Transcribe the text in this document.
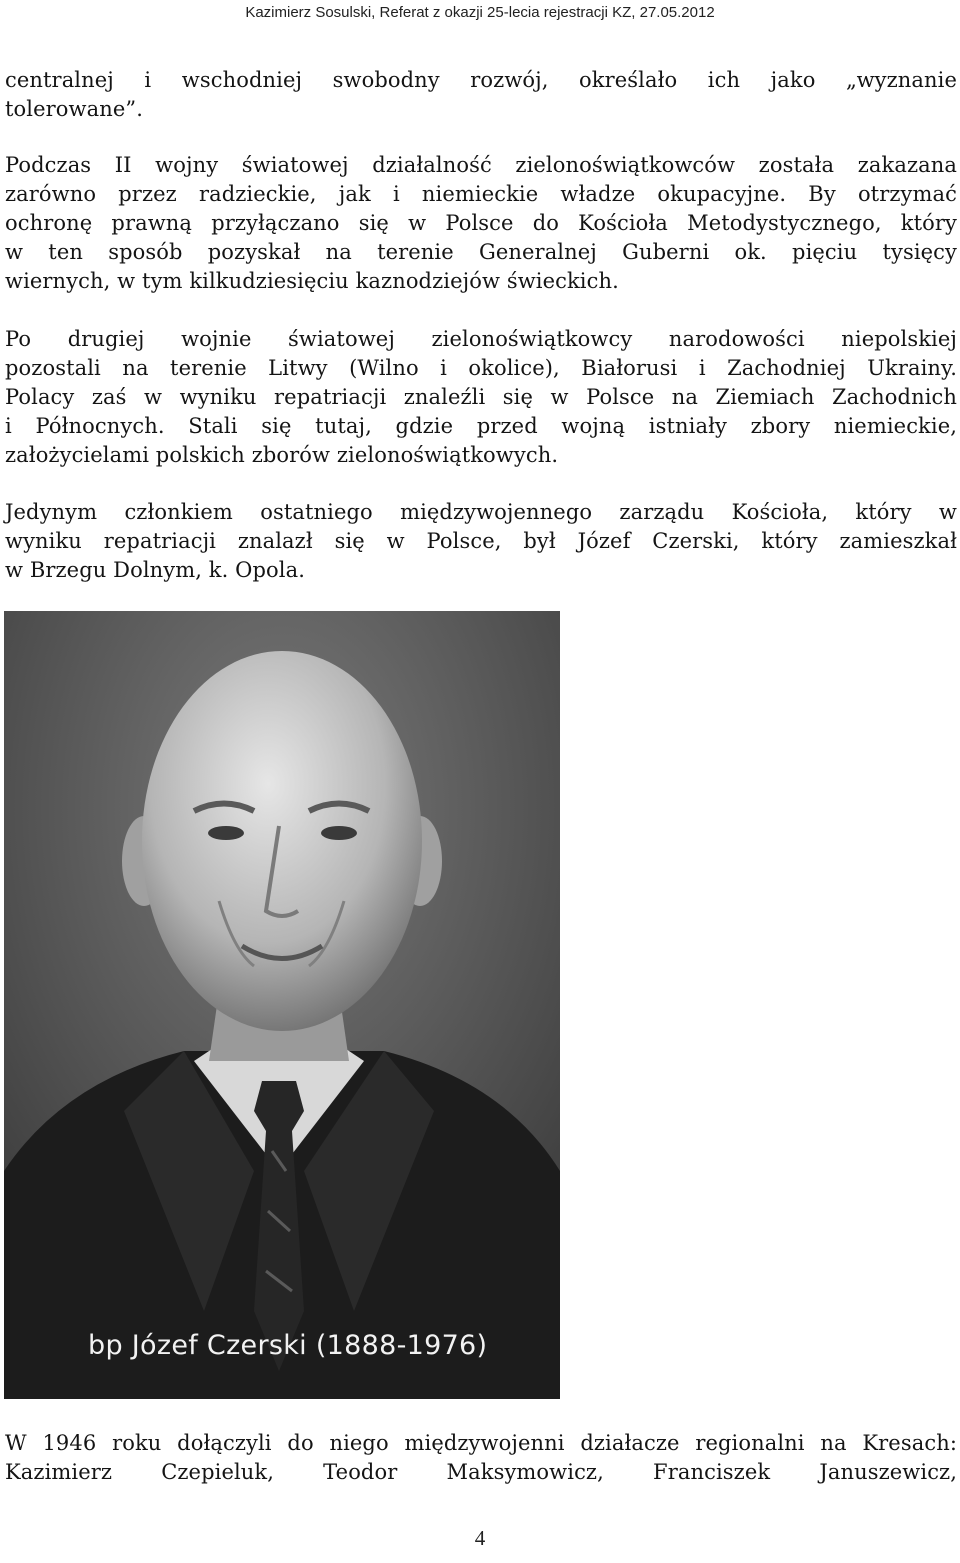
Kazimierz Sosulski, Referat z okazji 25-lecia rejestracji KZ, 27.05.2012
centralnej i wschodniej swobodny rozwój, określało ich jako „wyznanie
tolerowane”.
Podczas II wojny światowej działalność zielonoświątkowców została zakazana
zarówno przez radzieckie, jak i niemieckie władze okupacyjne. By otrzymać
ochronę prawną przyłączano się w Polsce do Kościoła Metodystycznego, który
w ten sposób pozyskał na terenie Generalnej Guberni ok. pięciu tysięcy
wiernych, w tym kilkudziesięciu kaznodziejów świeckich.
Po drugiej wojnie światowej zielonoświątkowcy narodowości niepolskiej
pozostali na terenie Litwy (Wilno i okolice), Białorusi i Zachodniej Ukrainy.
Polacy zaś w wyniku repatriacji znaleźli się w Polsce na Ziemiach Zachodnich
i Północnych. Stali się tutaj, gdzie przed wojną istniały zbory niemieckie,
założycielami polskich zborów zielonoświątkowych.
Jedynym członkiem ostatniego międzywojennego zarządu Kościoła, który w
wyniku repatriacji znalazł się w Polsce, był Józef Czerski, który zamieszkał
w Brzegu Dolnym, k. Opola.
bp Józef Czerski (1888-1976)
W 1946 roku dołączyli do niego międzywojenni działacze regionalni na Kresach:
Kazimierz Czepieluk, Teodor Maksymowicz, Franciszek Januszewicz,
4
